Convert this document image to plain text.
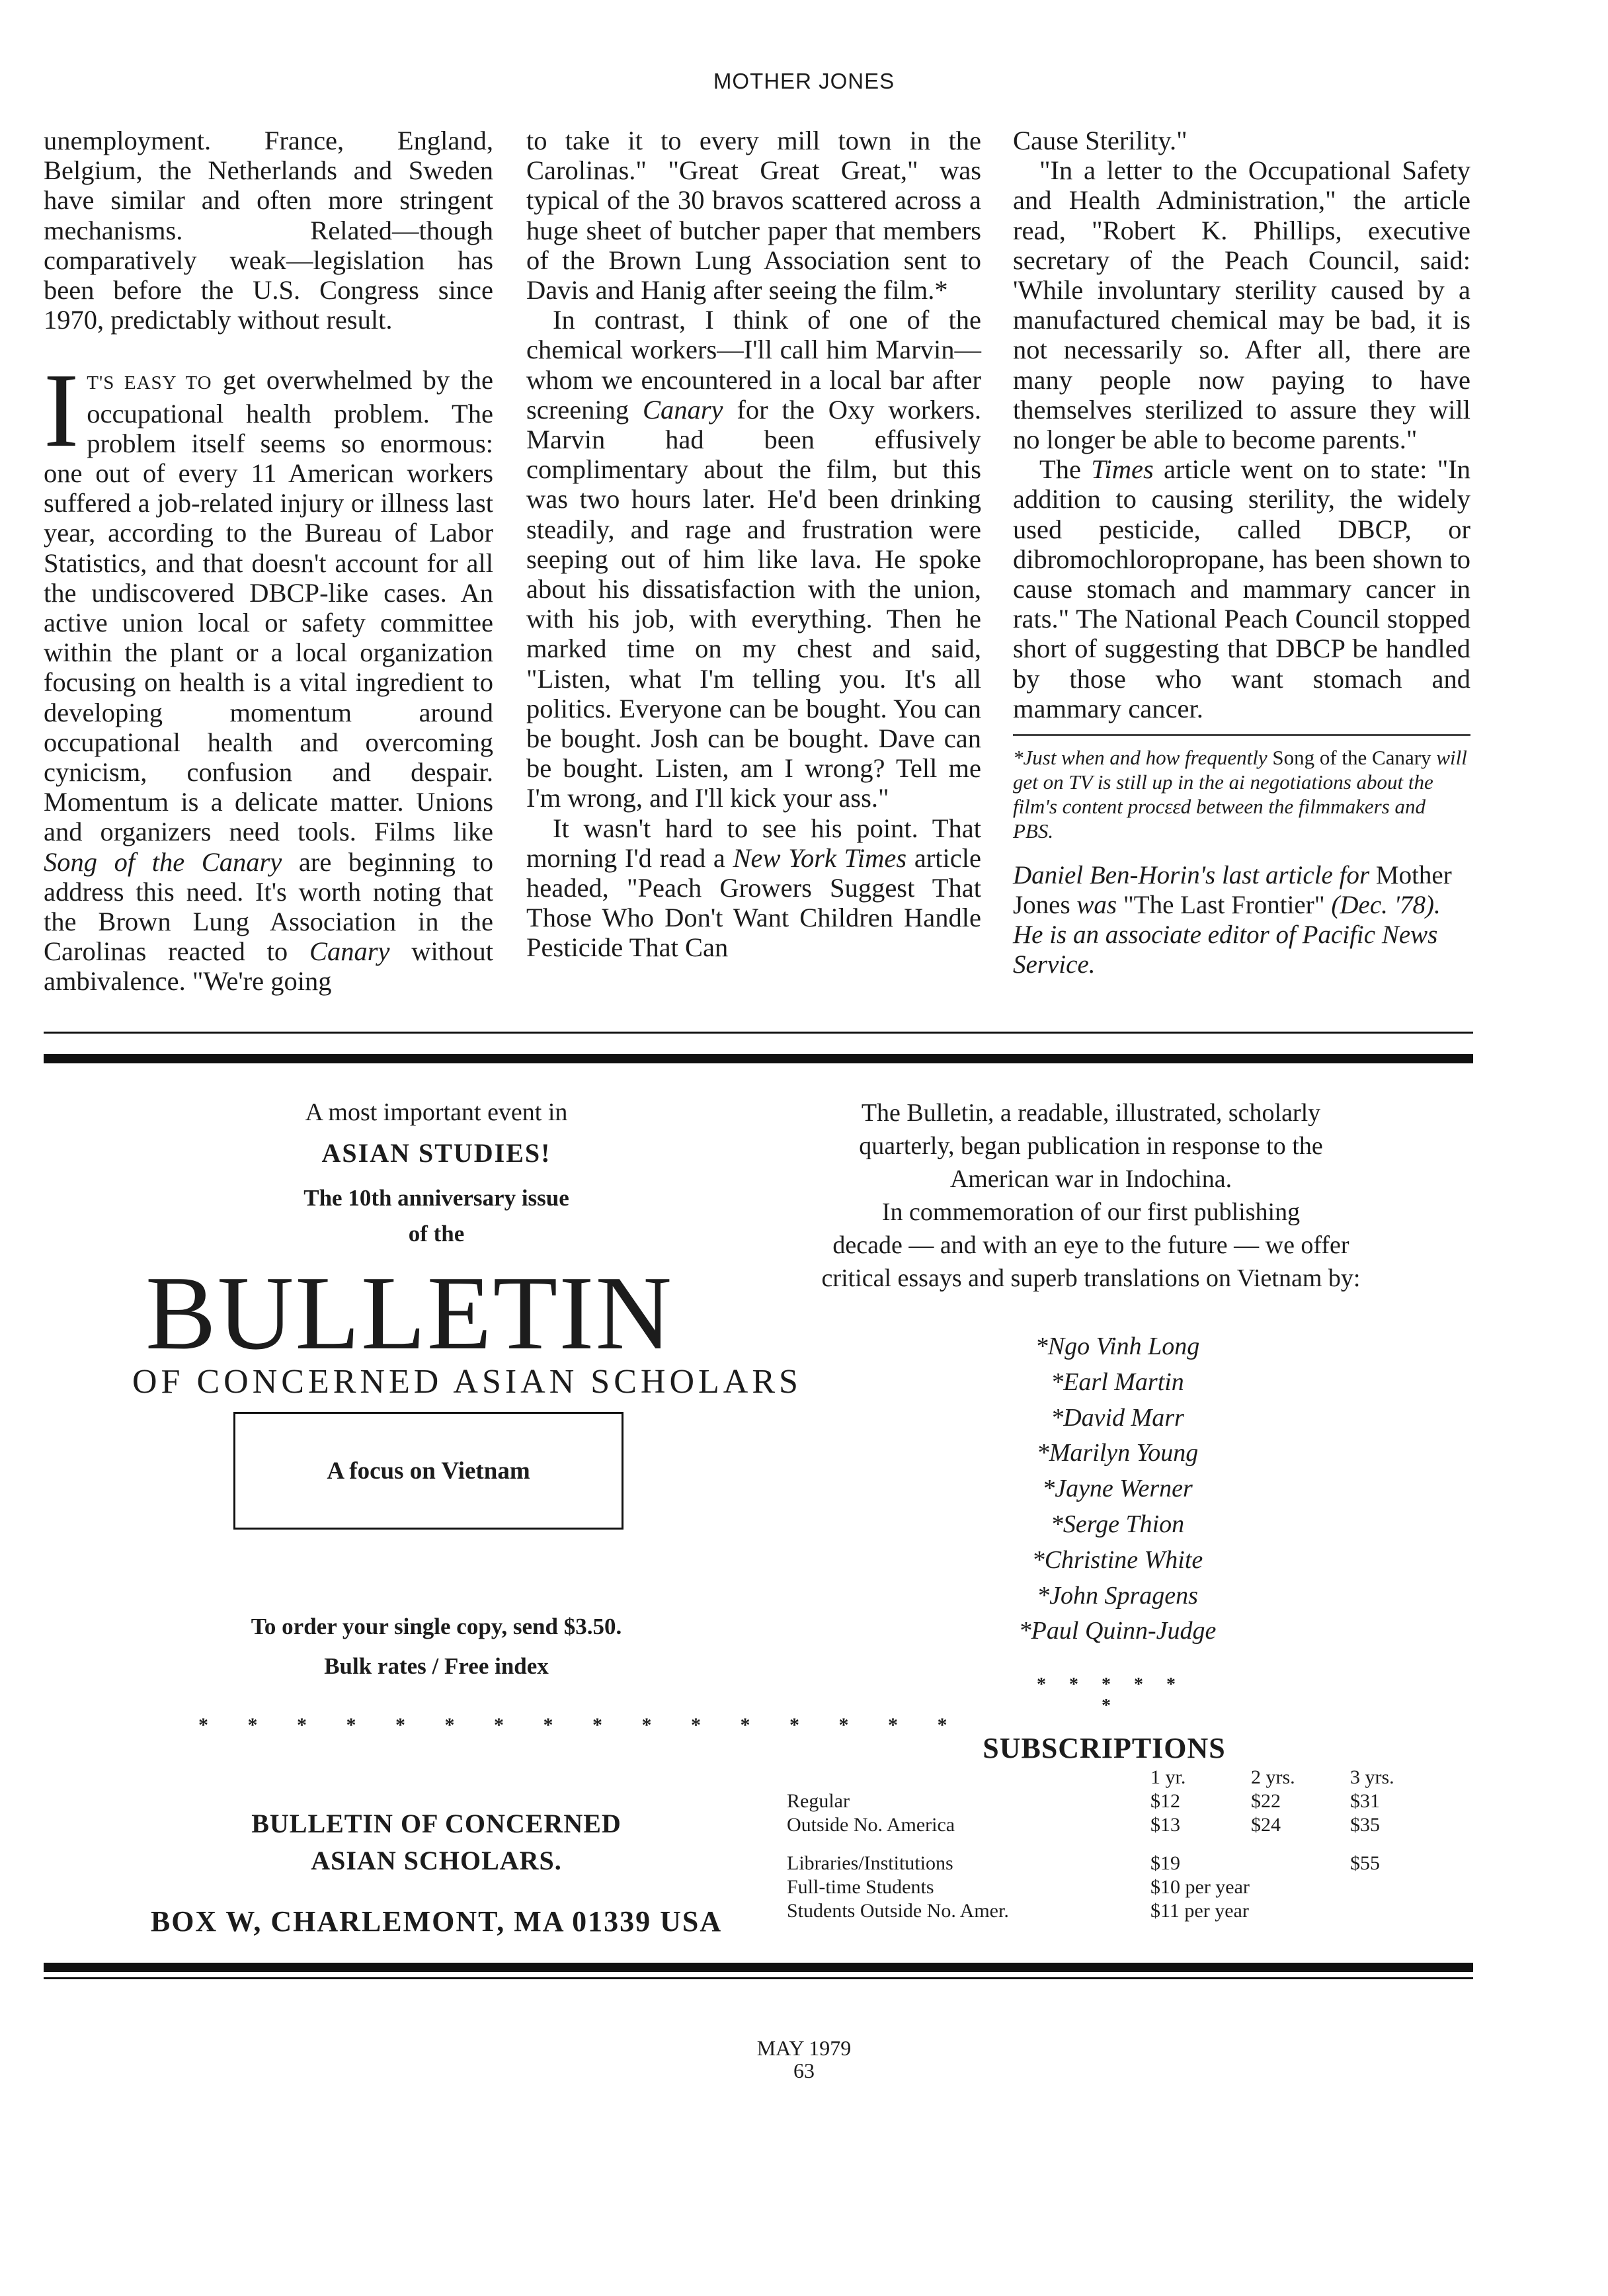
MOTHER JONES

unemployment. France, England, Belgium, the Netherlands and Sweden have similar and often more stringent mechanisms. Related—though comparatively weak—legislation has been before the U.S. Congress since 1970, predictably without result.

I T'S EASY TO get overwhelmed by the occupational health problem. The problem itself seems so enormous: one out of every 11 American workers suffered a job-related injury or illness last year, according to the Bureau of Labor Statistics, and that doesn't account for all the undiscovered DBCP-like cases. An active union local or safety committee within the plant or a local organization focusing on health is a vital ingredient to developing momentum around occupational health and overcoming cynicism, confusion and despair. Momentum is a delicate matter. Unions and organizers need tools. Films like Song of the Canary are beginning to address this need. It's worth noting that the Brown Lung Association in the Carolinas reacted to Canary without ambivalence. "We're going

to take it to every mill town in the Carolinas." "Great Great Great," was typical of the 30 bravos scattered across a huge sheet of butcher paper that members of the Brown Lung Association sent to Davis and Hanig after seeing the film.*

In contrast, I think of one of the chemical workers—I'll call him Marvin—whom we encountered in a local bar after screening Canary for the Oxy workers. Marvin had been effusively complimentary about the film, but this was two hours later. He'd been drinking steadily, and rage and frustration were seeping out of him like lava. He spoke about his dissatisfaction with the union, with his job, with everything. Then he marked time on my chest and said, "Listen, what I'm telling you. It's all politics. Everyone can be bought. You can be bought. Josh can be bought. Dave can be bought. Listen, am I wrong? Tell me I'm wrong, and I'll kick your ass."

It wasn't hard to see his point. That morning I'd read a New York Times article headed, "Peach Growers Suggest That Those Who Don't Want Children Handle Pesticide That Can

Cause Sterility."

"In a letter to the Occupational Safety and Health Administration," the article read, "Robert K. Phillips, executive secretary of the Peach Council, said: 'While involuntary sterility caused by a manufactured chemical may be bad, it is not necessarily so. After all, there are many people now paying to have themselves sterilized to assure they will no longer be able to become parents."

The Times article went on to state: "In addition to causing sterility, the widely used pesticide, called DBCP, or dibromochloropropane, has been shown to cause stomach and mammary cancer in rats." The National Peach Council stopped short of suggesting that DBCP be handled by those who want stomach and mammary cancer.

*Just when and how frequently Song of the Canary will get on TV is still up in the ai negotiations about the film's content procεεd between the filmmakers and PBS.
Daniel Ben-Horin's last article for Mother Jones was "The Last Frontier" (Dec. '78). He is an associate editor of Pacific News Service.
A most important event in
ASIAN STUDIES!
The 10th anniversary issue
of the
BULLETIN
OF CONCERNED ASIAN SCHOLARS
A focus on Vietnam
To order your single copy, send $3.50.
Bulk rates / Free index
* * * * * * * * * * * * * * * *
BULLETIN OF CONCERNED
ASIAN SCHOLARS.
BOX W, CHARLEMONT, MA 01339 USA
The Bulletin, a readable, illustrated, scholarly
quarterly, began publication in response to the
American war in Indochina.
In commemoration of our first publishing
decade — and with an eye to the future — we offer
critical essays and superb translations on Vietnam by:
*Ngo Vinh Long
*Earl Martin
*David Marr
*Marilyn Young
*Jayne Werner
*Serge Thion
*Christine White
*John Spragens
*Paul Quinn-Judge
* * * * * *
SUBSCRIPTIONS
	1 yr.	2 yrs.	3 yrs.
Regular	$12	$22	$31
Outside No. America	$13	$24	$35

Libraries/Institutions	$19		$55
Full-time Students	$10 per year		
Students Outside No. Amer.	$11 per year		
MAY 1979
63
